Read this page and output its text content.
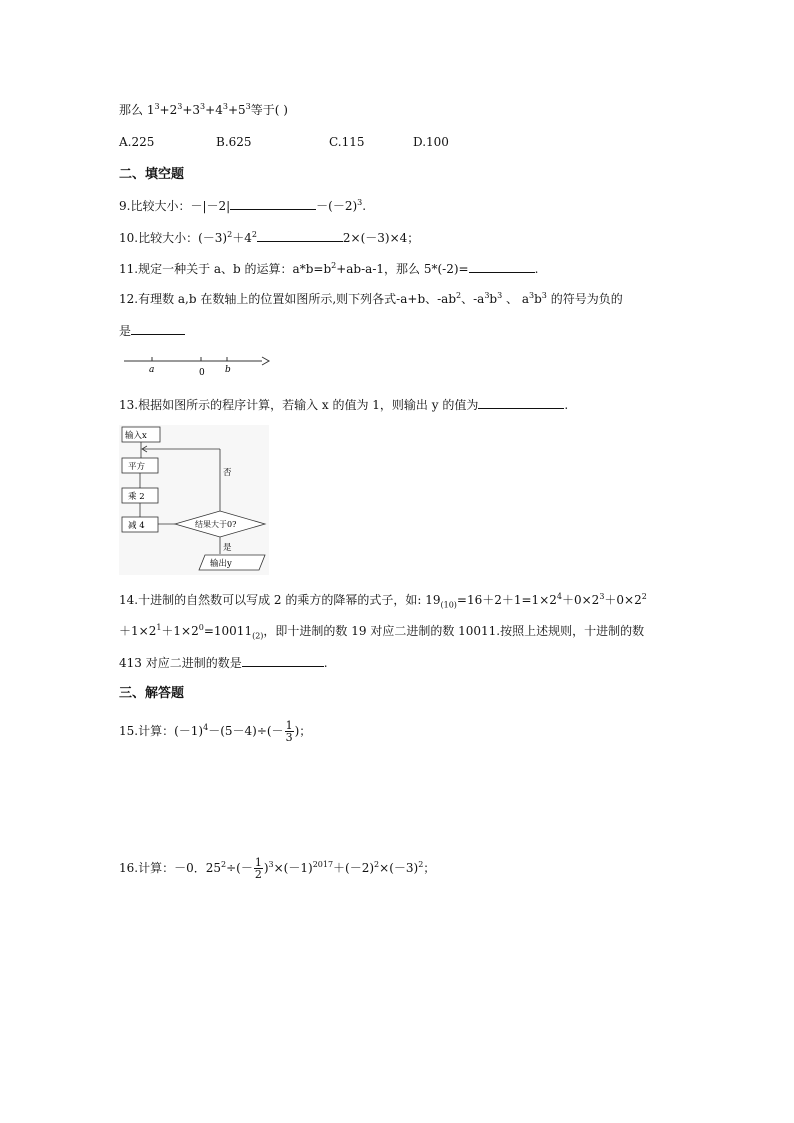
那么 $1^3+2^3+3^3+4^3+5^3$等于( )
A.225	B.625	C.115	D.100
二、填空题
9.比较大小：－|－2|	$-(-2)^3$.
10.比较大小：$(-3)^2+4^2$	2×(－3)×4；
11.规定一种关于 a、b 的运算：$a*b=b^2+ab-a-1$，那么 5*(-2)=	.
12.有理数 a,b 在数轴上的位置如图所示,则下列各式-a+b、$-ab^2$、$-a^3b^3$ 、 $a^3b^3$ 的符号为负的
是
a	0 b
13.根据如图所示的程序计算，若输入 x 的值为 1，则输出 y 的值为	.
输入x
平方
乘 2
减 4	结果大于0?
否
是
输出y
14.十进制的自然数可以写成 2 的乘方的降幂的式子，如: $19_{(10)}=16+2+1=1\times 2^4+0\times 2^3+0\times 2^2$
$+1\times 2^1+1\times 2^0=10011_{(2)}$，即十进制的数 19 对应二进制的数 10011.按照上述规则，十进制的数
413 对应二进制的数是	.
三、解答题
15.计算：$(-1)^4-(5-4)\div(- \frac{1}{3}$ )；
16.计算：－0．$25^2\div(- \frac{1}{2} )^3\times(-1)^{2017}+(-2)^2\times(-3)^2$；
